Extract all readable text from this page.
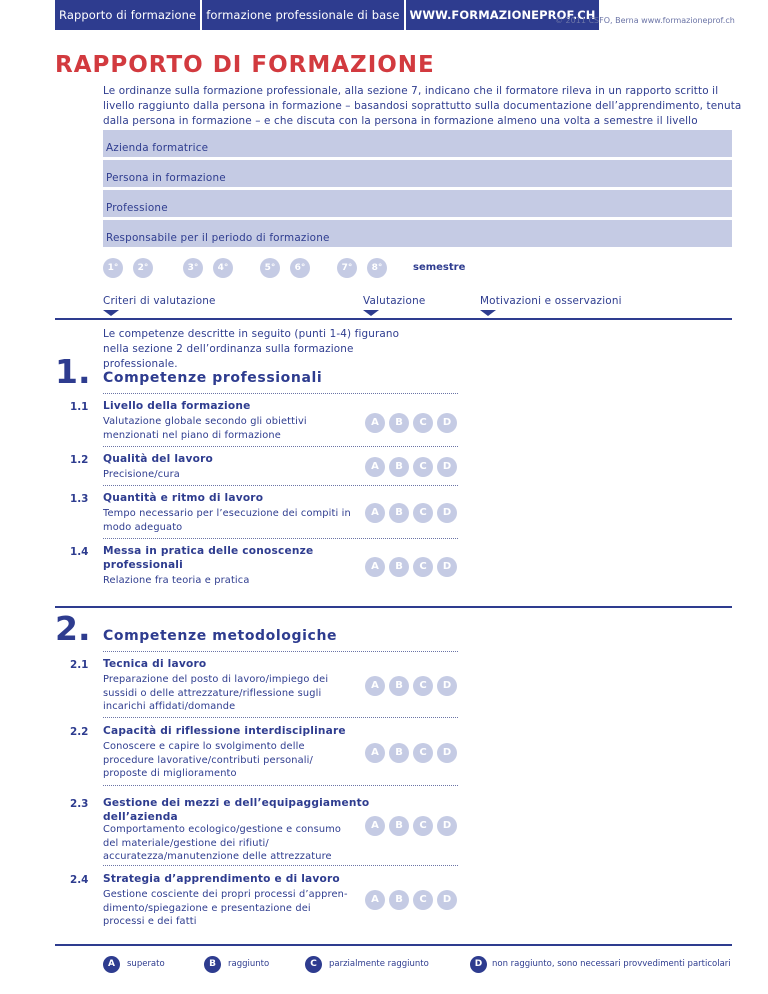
Rapporto di formazione formazione professionale di base WWW.FORMAZIONEPROF.CH
© 2011 CSFO, Berna www.formazioneprof.ch
RAPPORTO DI FORMAZIONE
Le ordinanze sulla formazione professionale, alla sezione 7, indicano che il formatore rileva in un rapporto scritto il livello raggiunto dalla persona in formazione – basandosi soprattutto sulla documentazione dell’apprendimento, tenuta dalla persona in formazione – e che discuta con la persona in formazione almeno una volta a semestre il livello
Azienda formatrice
Persona in formazione
Professione
Responsabile per il periodo di formazione
1°	2°	3°	4°	5°	6°	7°	8°	semestre
Criteri di valutazione	Valutazione	Motivazioni e osservazioni
Le competenze descritte in seguito (punti 1-4) figurano nella sezione 2 dell’ordinanza sulla formazione professionale.
1. Competenze professionali
1.1 Livello della formazione
Valutazione globale secondo gli obiettivi menzionati nel piano di formazione
A	B	C	D
1.2 Qualità del lavoro
Precisione/cura
A	B	C	D
1.3 Quantità e ritmo di lavoro
Tempo necessario per l’esecuzione dei compiti in modo adeguato
A	B	C	D
1.4 Messa in pratica delle conoscenze professionali
Relazione fra teoria e pratica
A	B	C	D
2. Competenze metodologiche
2.1 Tecnica di lavoro
Preparazione del posto di lavoro/impiego dei sussidi o delle attrezzature/riflessione sugli incarichi affidati/domande
A	B	C	D
2.2 Capacità di riflessione interdisciplinare
Conoscere e capire lo svolgimento delle procedure lavorative/contributi personali/ proposte di miglioramento
A	B	C	D
2.3 Gestione dei mezzi e dell’equipaggiamento dell’azienda
Comportamento ecologico/gestione e consumo del materiale/gestione dei rifiuti/ accuratezza/manutenzione delle attrezzature
A	B	C	D
2.4 Strategia d’apprendimento e di lavoro
Gestione cosciente dei propri processi d’appren-dimento/spiegazione e presentazione dei processi e dei fatti
A	B	C	D
A	superato	B	raggiunto	C	parzialmente raggiunto	D	non raggiunto, sono necessari provvedimenti particolari
